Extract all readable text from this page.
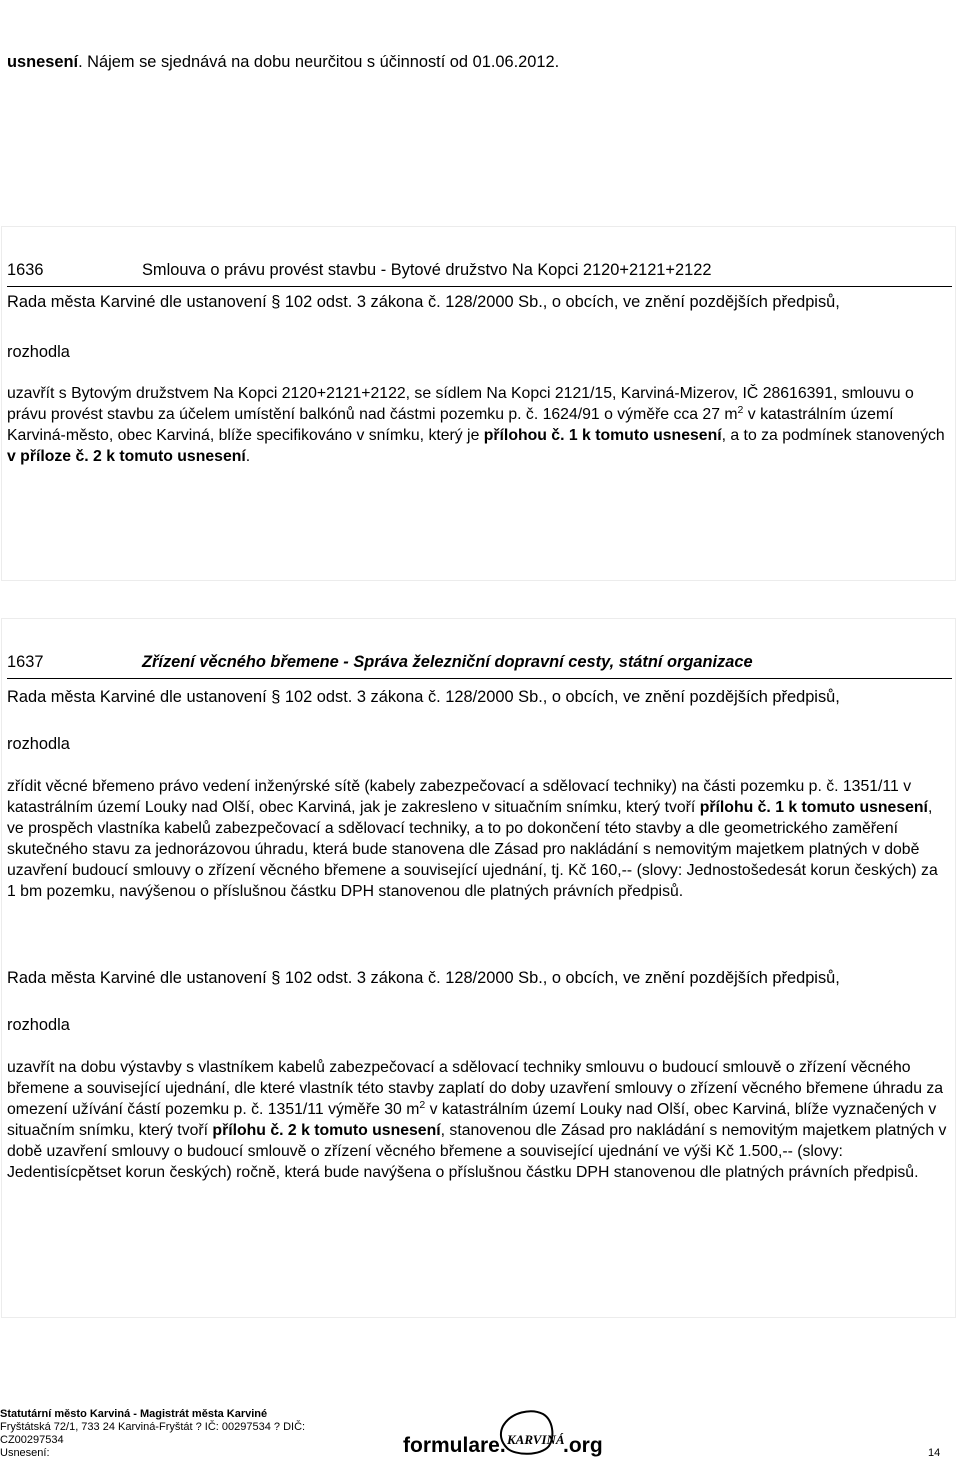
usnesení. Nájem se sjednává na dobu neurčitou s účinností od 01.06.2012.
1636	Smlouva o právu provést stavbu - Bytové družstvo Na Kopci 2120+2121+2122
Rada města Karviné dle ustanovení § 102 odst. 3 zákona č. 128/2000 Sb., o obcích, ve znění pozdějších předpisů,
rozhodla
uzavřít s Bytovým družstvem Na Kopci 2120+2121+2122, se sídlem Na Kopci 2121/15, Karviná-Mizerov, IČ 28616391, smlouvu o právu provést stavbu za účelem umístění balkónů nad částmi pozemku p. č. 1624/91 o výměře cca 27 $m^2$ v katastrálním území Karviná-město, obec Karviná, blíže specifikováno v snímku, který je přílohou č. 1 k tomuto usnesení, a to za podmínek stanovených v příloze č. 2 k tomuto usnesení.
1637	Zřízení věcného břemene - Správa železniční dopravní cesty, státní organizace
Rada města Karviné dle ustanovení § 102 odst. 3 zákona č. 128/2000 Sb., o obcích, ve znění pozdějších předpisů,
rozhodla
zřídit věcné břemeno právo vedení inženýrské sítě (kabely zabezpečovací a sdělovací techniky) na části pozemku p. č. 1351/11 v katastrálním území Louky nad Olší, obec Karviná, jak je zakresleno v situačním snímku, který tvoří přílohu č. 1 k tomuto usnesení, ve prospěch vlastníka kabelů zabezpečovací a sdělovací techniky, a to po dokončení této stavby a dle geometrického zaměření skutečného stavu za jednorázovou úhradu, která bude stanovena dle Zásad pro nakládání s nemovitým majetkem platných v době uzavření budoucí smlouvy o zřízení věcného břemene a související ujednání, tj. Kč 160,-- (slovy: Jednostošedesát korun českých) za 1 bm pozemku, navýšenou o příslušnou částku DPH stanovenou dle platných právních předpisů.
Rada města Karviné dle ustanovení § 102 odst. 3 zákona č. 128/2000 Sb., o obcích, ve znění pozdějších předpisů,
rozhodla
uzavřít na dobu výstavby s vlastníkem kabelů zabezpečovací a sdělovací techniky smlouvu o budoucí smlouvě o zřízení věcného břemene a související ujednání, dle které vlastník této stavby zaplatí do doby uzavření smlouvy o zřízení věcného břemene úhradu za omezení užívání částí pozemku p. č. 1351/11 výměře 30 $m^2$ v katastrálním území Louky nad Olší, obec Karviná, blíže vyznačených v situačním snímku, který tvoří přílohu č. 2 k tomuto usnesení, stanovenou dle Zásad pro nakládání s nemovitým majetkem platných v době uzavření smlouvy o budoucí smlouvě o zřízení věcného břemene a související ujednání ve výši Kč 1.500,-- (slovy: Jedentisícpětset korun českých) ročně, která bude navýšena o příslušnou částku DPH stanovenou dle platných právních předpisů.
Statutární město Karviná - Magistrát města Karviné
Fryštátská 72/1, 733 24 Karviná-Fryštát ? IČ: 00297534 ? DIČ:
CZ00297534
Usnesení:	formulare. KARVINÁ
.org	14
